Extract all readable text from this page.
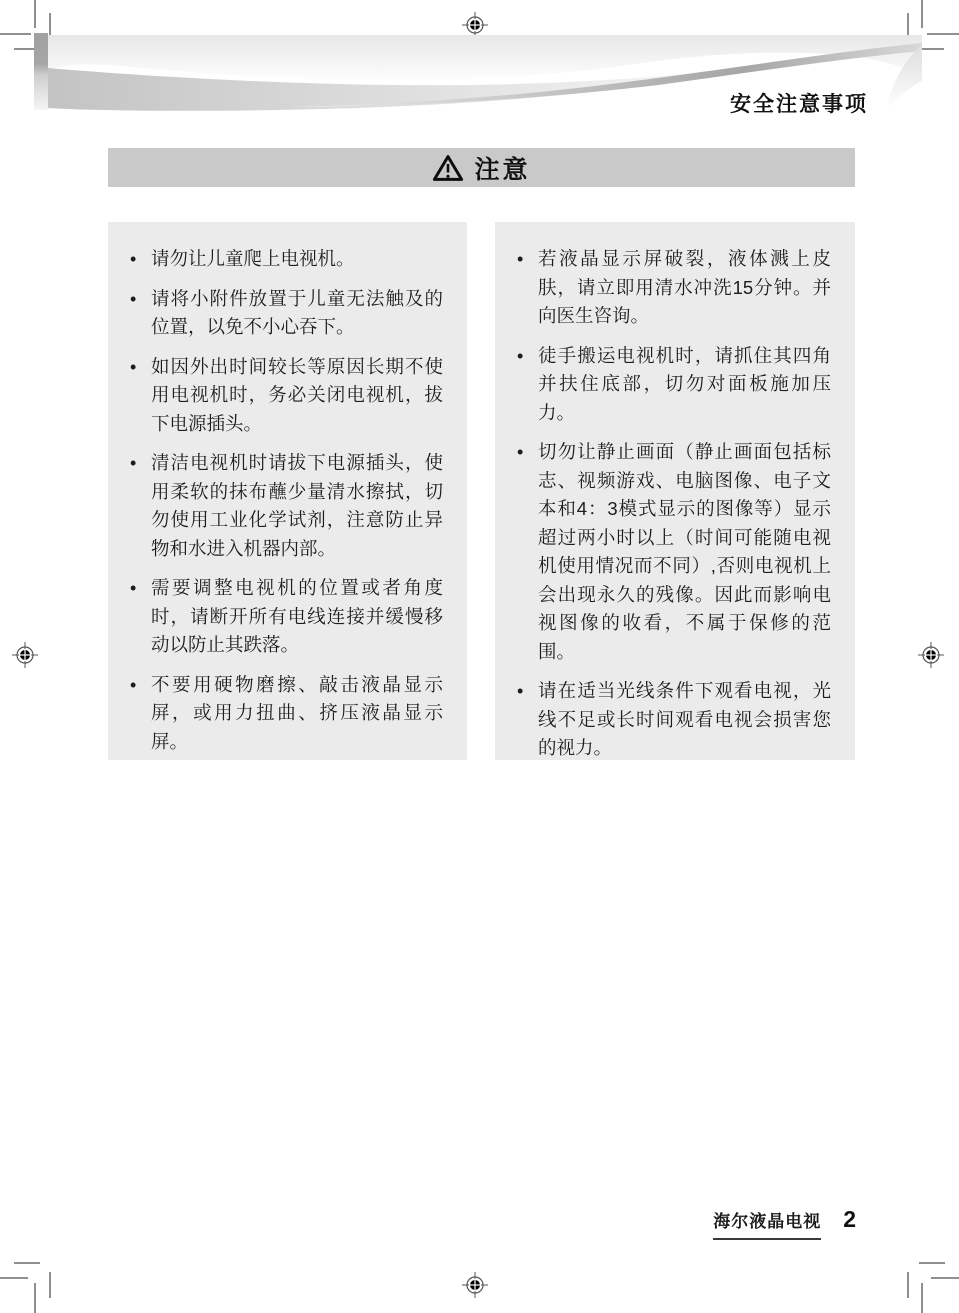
安全注意事项
注意
• 请勿让儿童爬上电视机。
• 请将小附件放置于儿童无法触及的位置，以免不小心吞下。
• 如因外出时间较长等原因长期不使用电视机时，务必关闭电视机，拔下电源插头。
• 清洁电视机时请拔下电源插头，使用柔软的抹布蘸少量清水擦拭，切勿使用工业化学试剂，注意防止异物和水进入机器内部。
• 需要调整电视机的位置或者角度时，请断开所有电线连接并缓慢移动以防止其跌落。
• 不要用硬物磨擦、敲击液晶显示屏，或用力扭曲、挤压液晶显示屏。
• 若液晶显示屏破裂，液体溅上皮肤，请立即用清水冲洗15分钟。并向医生咨询。
• 徒手搬运电视机时，请抓住其四角并扶住底部，切勿对面板施加压力。
• 切勿让静止画面（静止画面包括标志、视频游戏、电脑图像、电子文本和4：3模式显示的图像等）显示超过两小时以上（时间可能随电视机使用情况而不同）,否则电视机上会出现永久的残像。因此而影响电视图像的收看，不属于保修的范围。
• 请在适当光线条件下观看电视，光线不足或长时间观看电视会损害您的视力。
海尔液晶电视 2
